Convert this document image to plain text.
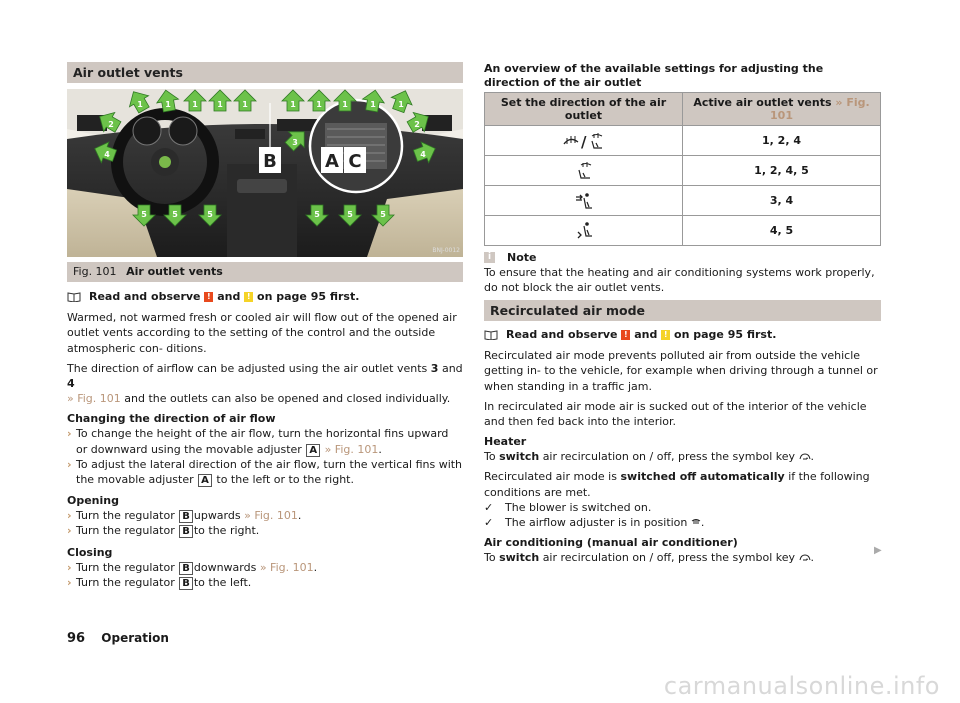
Air outlet vents
B	A C
1	1	1 1 1	1	1	1	1	1
2	2
3
4	4
5	5	5	5	5	5
BNJ-0012
Fig. 101 Air outlet vents
Read and observe
!
and
!
on page 95 first.

Warmed, not warmed fresh or cooled air will flow out of the opened air outlet vents according to the setting of the control and the outside atmospheric con- ditions.

The direction of airflow can be adjusted using the air outlet vents 3 and 4
» Fig. 101 and the outlets can also be opened and closed individually.

Changing the direction of air flow
› To change the height of the air flow, turn the horizontal fins upward or downward using the movable adjuster A » Fig. 101.
› To adjust the lateral direction of the air flow, turn the vertical fins with the movable adjuster A to the left or to the right.
Opening
› Turn the regulator B upwards » Fig. 101.
› Turn the regulator B to the right.
Closing
› Turn the regulator B downwards » Fig. 101.
› Turn the regulator B to the left.
An overview of the available settings for adjusting the direction of the air outlet
Set the direction of the air outlet	Active air outlet vents » Fig. 101

/	1, 2, 4
	1, 2, 4, 5
	3, 4
	4, 5
i	Note

To ensure that the heating and air conditioning systems work properly, do not block the air outlet vents.

Recirculated air mode
Read and observe
!
and
!
on page 95 first.

Recirculated air mode prevents polluted air from outside the vehicle getting in- to the vehicle, for example when driving through a tunnel or when standing in a traffic jam.

In recirculated air mode air is sucked out of the interior of the vehicle and then fed back into the interior.

Heater

To switch air recirculation on / off, press the symbol key .

Recirculated air mode is switched off automatically if the following conditions are met.

✓	The blower is switched on.
✓	The airflow adjuster is in position .
Air conditioning (manual air conditioner)

To switch air recirculation on / off, press the symbol key .

▶
96 Operation
carmanualsonline.info
